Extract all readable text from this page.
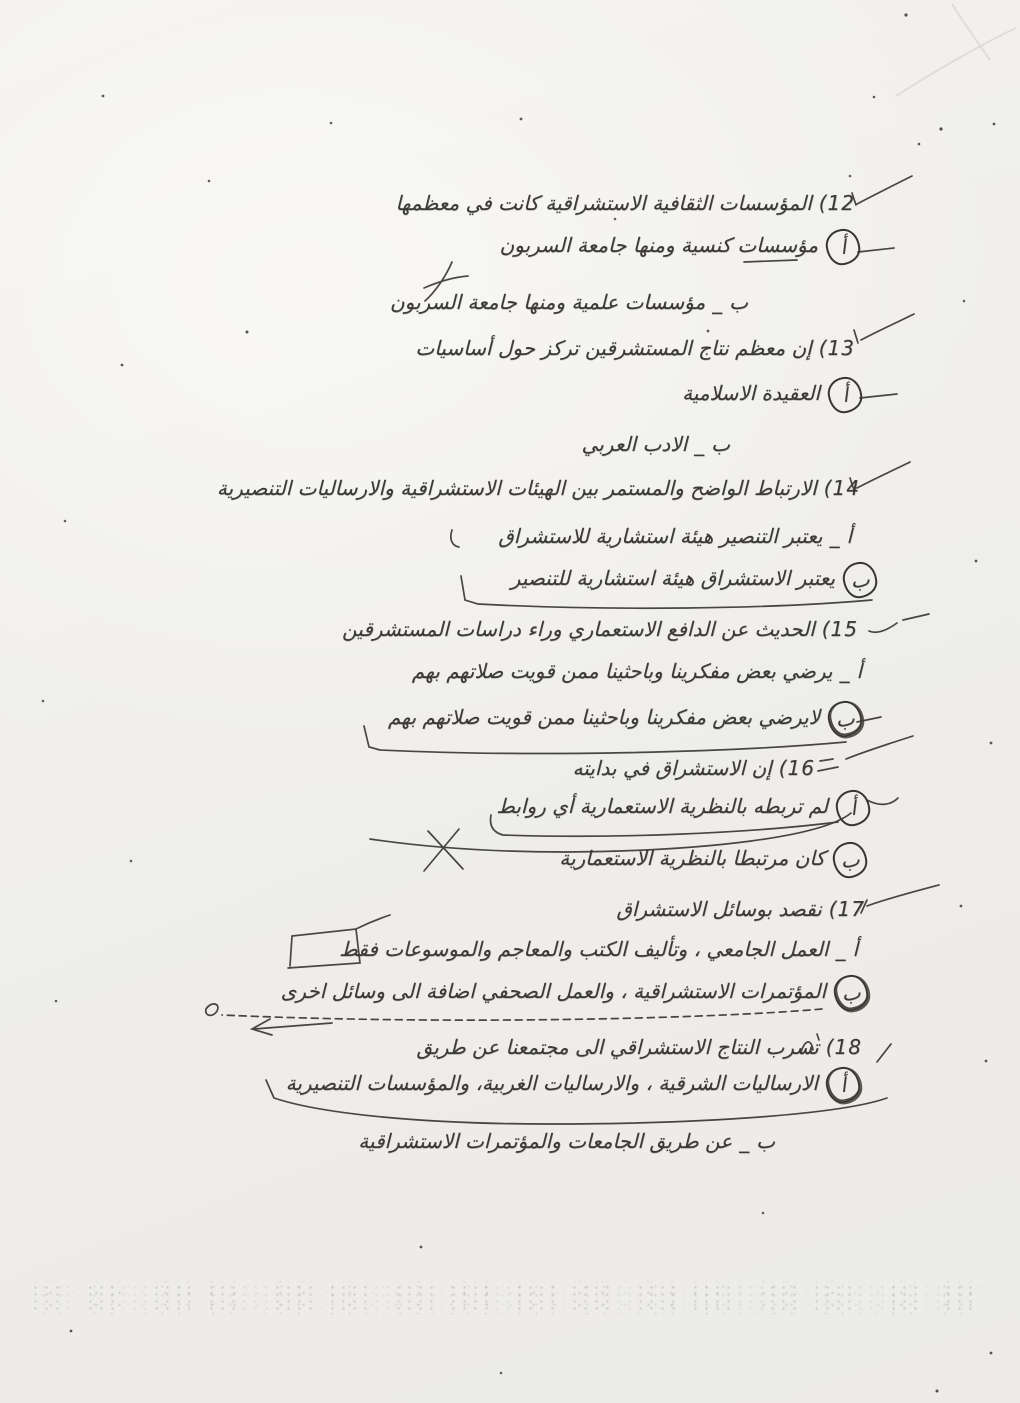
12)المؤسسات الثقافية الاستشراقية كانت في معظمها
أمؤسسات كنسية ومنها جامعة السربون
ب_مؤسسات علمية ومنها جامعة السربون
13)إن معظم نتاج المستشرقين تركز حول أساسيات
أالعقيدة الاسلامية
ب_الادب العربي
14)الارتباط الواضح والمستمر بين الهيئات الاستشراقية والارساليات التنصيرية
أ_يعتبر التنصير هيئة استشارية للاستشراق
بيعتبر الاستشراق هيئة استشارية للتنصير
15)الحديث عن الدافع الاستعماري وراء دراسات المستشرقين
أ_يرضي بعض مفكرينا وباحثينا ممن قويت صلاتهم بهم
بلايرضي بعض مفكرينا وباحثينا ممن قويت صلاتهم بهم
16)إن الاستشراق في بدايته
ألم تربطه بالنظرية الاستعمارية أي روابط
بكان مرتبطا بالنظرية الاستعمارية
17)نقصد بوسائل الاستشراق
أ_العمل الجامعي ، وتأليف الكتب والمعاجم والموسوعات فقط
بالمؤتمرات الاستشراقية ، والعمل الصحفي اضافة الى وسائل اخرى
18)تسرب النتاج الاستشراقي الى مجتمعنا عن طريق
أالارساليات الشرقية ، والارساليات الغربية، والمؤسسات التنصيرية
ب_عن طريق الجامعات والمؤتمرات الاستشراقية
